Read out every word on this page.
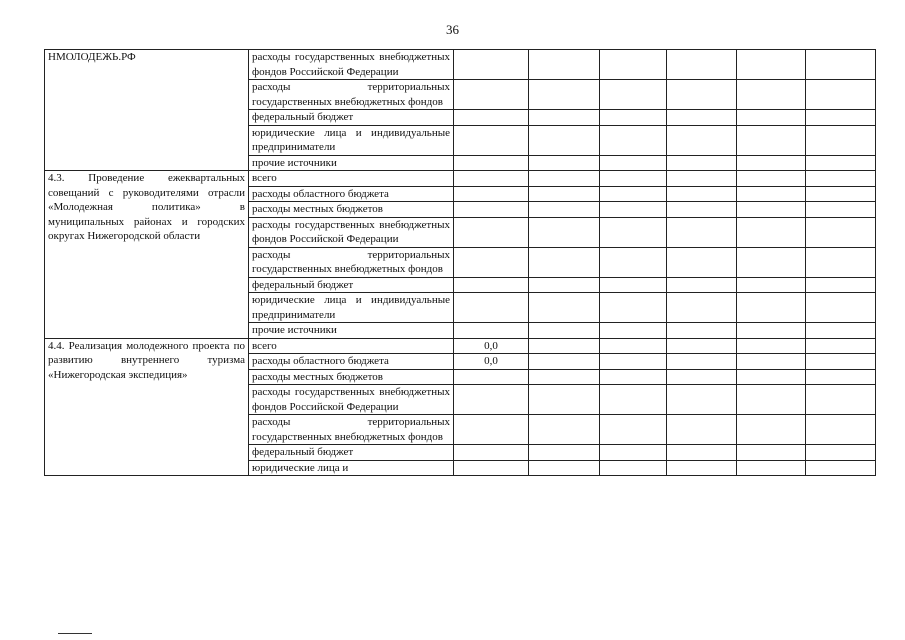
36
НМОЛОДЕЖЬ.РФ	расходы государственных внебюджетных фондов Российской Федерации						
	расходы территориальных государственных внебюджетных фондов						
	федеральный бюджет						
	юридические лица и индивидуальные предприниматели						
	прочие источники						
4.3. Проведение ежеквартальных совещаний с руководителями отрасли «Молодежная политика» в муниципальных районах и городских округах Нижегородской области	всего						
	расходы областного бюджета						
	расходы местных бюджетов						
	расходы государственных внебюджетных фондов Российской Федерации						
	расходы территориальных государственных внебюджетных фондов						
	федеральный бюджет						
	юридические лица и индивидуальные предприниматели						
	прочие источники						
4.4. Реализация молодежного проекта по развитию внутреннего туризма «Нижегородская экспедиция»	всего	0,0					
	расходы областного бюджета	0,0					
	расходы местных бюджетов						
	расходы государственных внебюджетных фондов Российской Федерации						
	расходы территориальных государственных внебюджетных фондов						
	федеральный бюджет						
	юридические лица и						
